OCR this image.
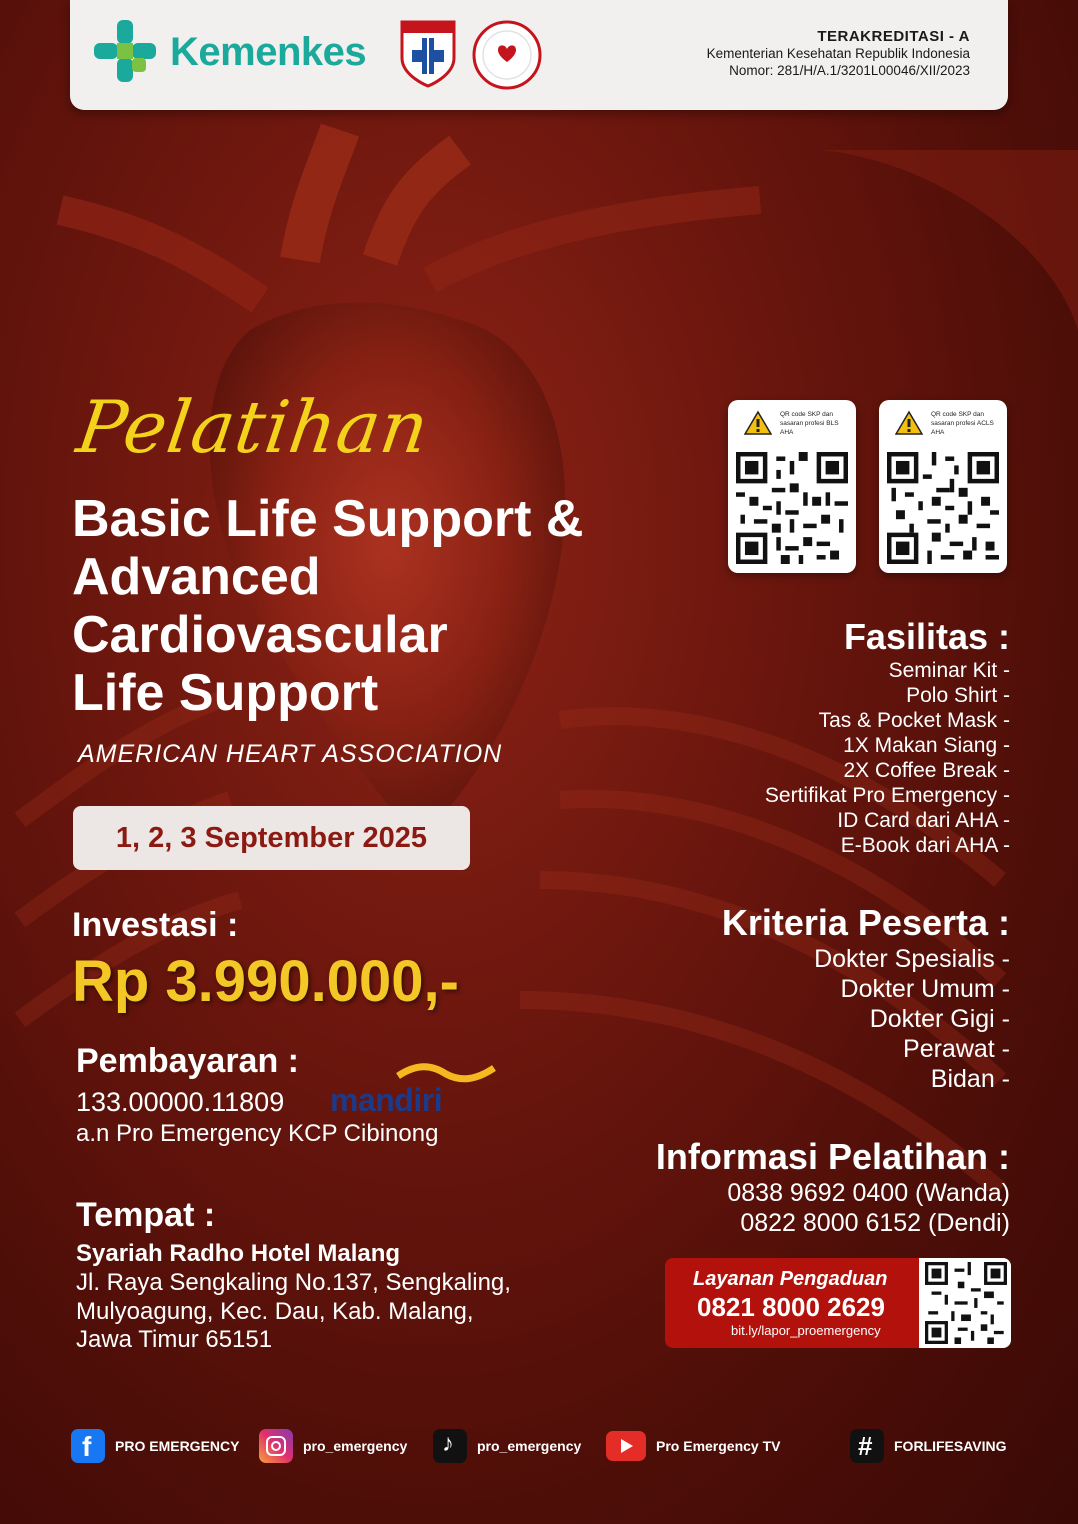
Kemenkes	TERAKREDITASI - A
Kementerian Kesehatan Republik Indonesia
Nomor: 281/H/A.1/3201L00046/XII/2023
Pelatihan
Basic Life Support &
Advanced
Cardiovascular
Life Support
AMERICAN HEART ASSOCIATION
1, 2, 3 September 2025
Investasi :
Rp 3.990.000,-
Pembayaran :
133.00000.11809
a.n Pro Emergency KCP Cibinong
mandiri
Tempat :
Syariah Radho Hotel Malang
Jl. Raya Sengkaling No.137, Sengkaling,
Mulyoagung, Kec. Dau, Kab. Malang,
Jawa Timur 65151
QR code SKP dan sasaran profesi BLS AHA
QR code SKP dan sasaran profesi ACLS AHA
Fasilitas :
Seminar Kit -
Polo Shirt -
Tas & Pocket Mask -
1X Makan Siang -
2X Coffee Break -
Sertifikat Pro Emergency -
ID Card dari AHA -
E-Book dari AHA -
Kriteria Peserta :
Dokter Spesialis -
Dokter Umum -
Dokter Gigi -
Perawat -
Bidan -
Informasi Pelatihan :
0838 9692 0400 (Wanda)
0822 8000 6152 (Dendi)
Layanan Pengaduan
0821 8000 2629
bit.ly/lapor_proemergency
f PRO EMERGENCY	pro_emergency ♪ pro_emergency	Pro Emergency TV	# FORLIFESAVING
